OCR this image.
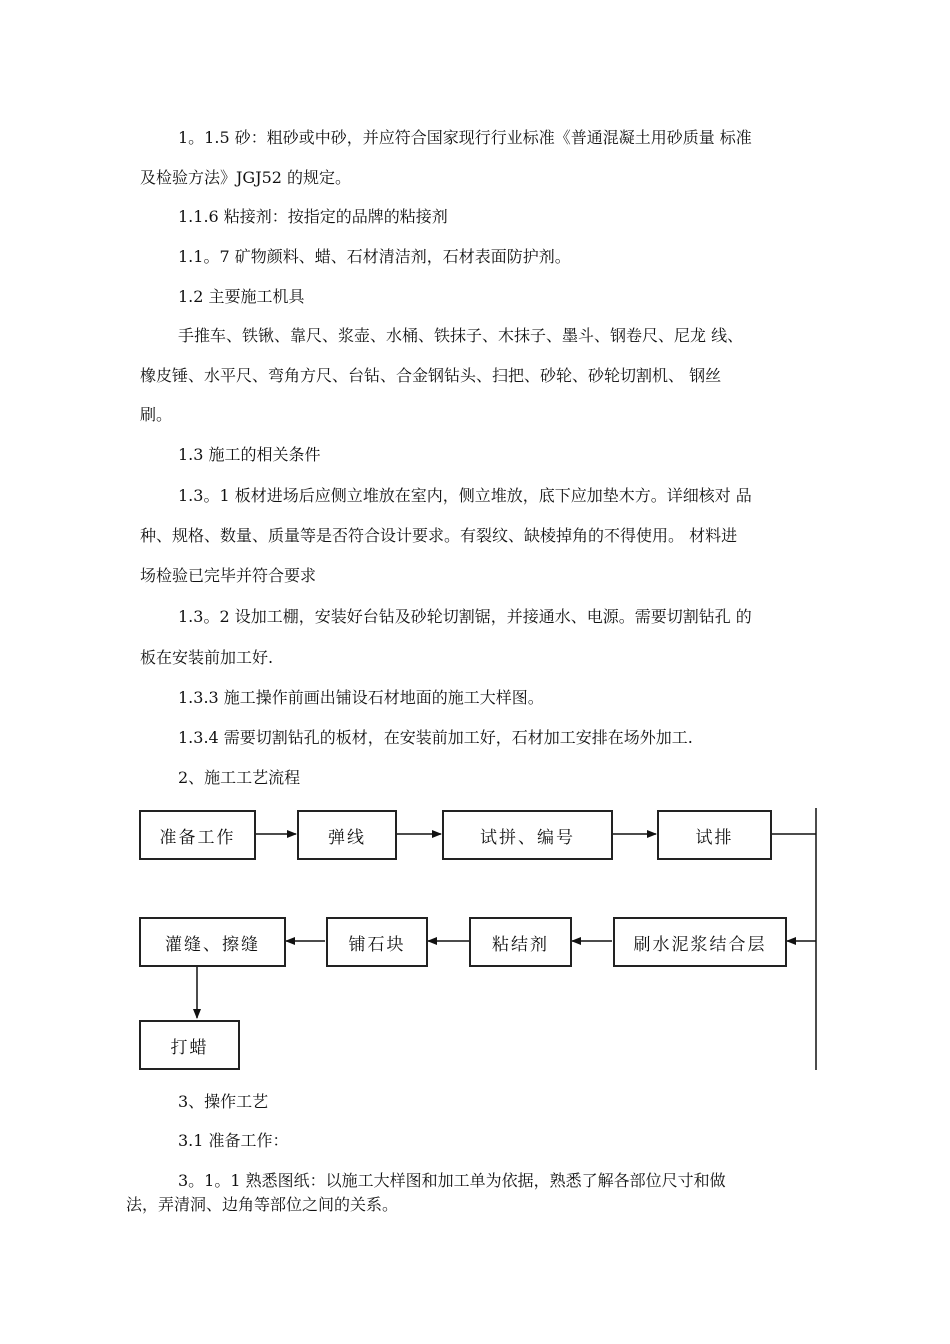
1。1.5 砂：粗砂或中砂，并应符合国家现行行业标准《普通混凝土用砂质量 标准
及检验方法》JGJ52 的规定。
1.1.6 粘接剂：按指定的品牌的粘接剂
1.1。7 矿物颜料、蜡、石材清洁剂，石材表面防护剂。
1.2 主要施工机具
手推车、铁锹、靠尺、浆壶、水桶、铁抹子、木抹子、墨斗、钢卷尺、尼龙 线、
橡皮锤、水平尺、弯角方尺、台钻、合金钢钻头、扫把、砂轮、砂轮切割机、 钢丝
刷。
1.3 施工的相关条件
1.3。1 板材进场后应侧立堆放在室内，侧立堆放，底下应加垫木方。详细核对 品
种、规格、数量、质量等是否符合设计要求。有裂纹、缺棱掉角的不得使用。 材料进
场检验已完毕并符合要求
1.3。2 设加工棚，安装好台钻及砂轮切割锯，并接通水、电源。需要切割钻孔 的
板在安装前加工好.
1.3.3 施工操作前画出铺设石材地面的施工大样图。
1.3.4 需要切割钻孔的板材，在安装前加工好，石材加工安排在场外加工.
2、施工工艺流程
准备工作	弹线	试拼、编号	试排
刷水泥浆结合层
粘结剂
铺石块
灌缝、擦缝
打蜡
3、操作工艺
3.1 准备工作：
3。1。1 熟悉图纸：以施工大样图和加工单为依据，熟悉了解各部位尺寸和做
法，弄清洞、边角等部位之间的关系。
